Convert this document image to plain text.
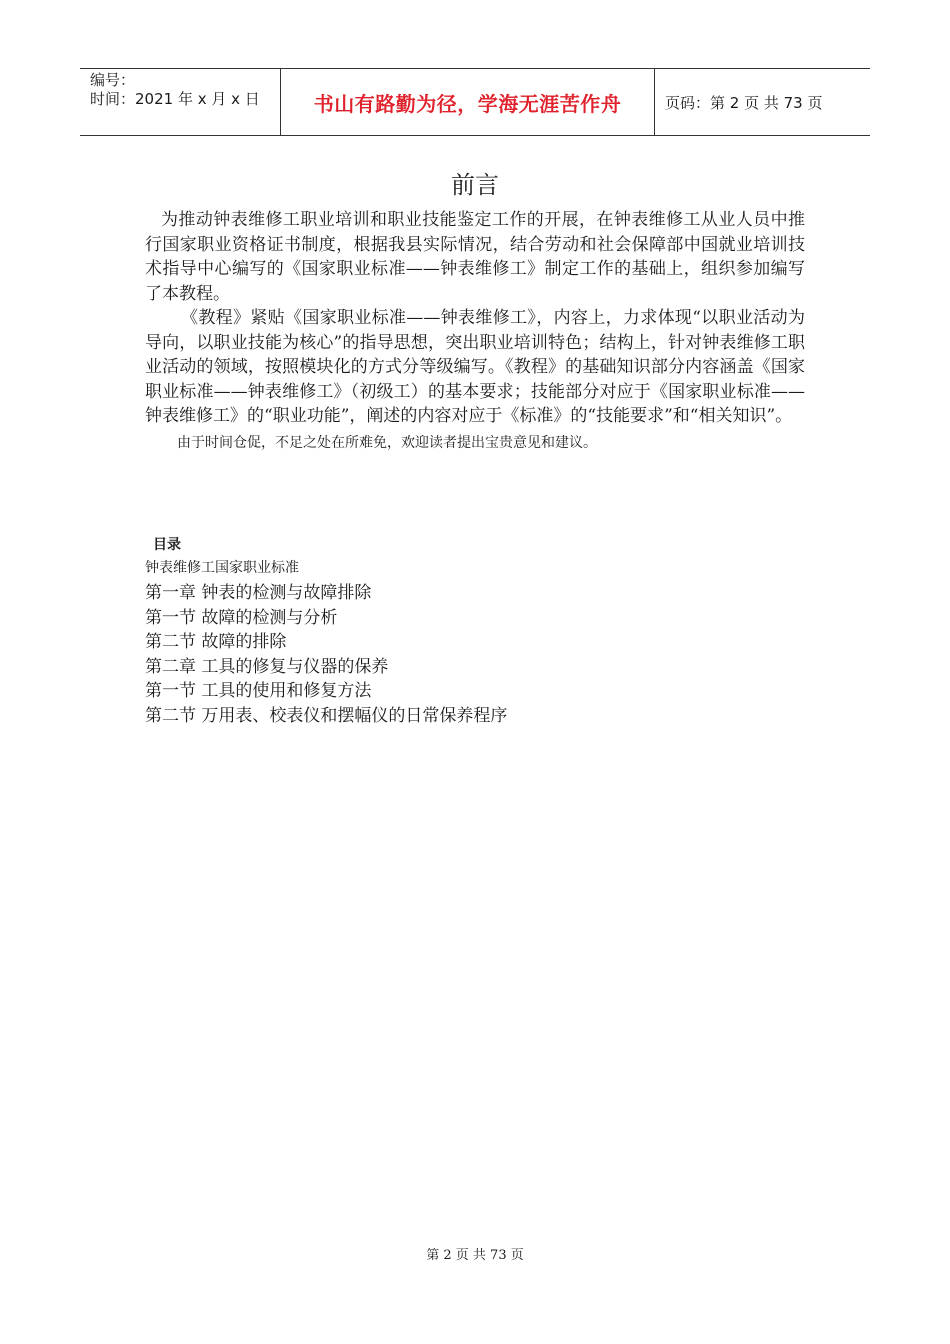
编号：
时间：2021 年 x 月 x 日	书山有路勤为径，学海无涯苦作舟	页码：第 2 页 共 73 页
前言

为推动钟表维修工职业培训和职业技能鉴定工作的开展，在钟表维修工从业人员中推行国家职业资格证书制度，根据我县实际情况，结合劳动和社会保障部中国就业培训技术指导中心编写的《国家职业标准——钟表维修工》制定工作的基础上，组织参加编写了本教程。

《教程》紧贴《国家职业标准——钟表维修工》，内容上，力求体现“以职业活动为导向，以职业技能为核心”的指导思想，突出职业培训特色；结构上，针对钟表维修工职业活动的领域，按照模块化的方式分等级编写。《教程》的基础知识部分内容涵盖《国家职业标准——钟表维修工》（初级工）的基本要求；技能部分对应于《国家职业标准——钟表维修工》的“职业功能”，阐述的内容对应于《标准》的“技能要求”和“相关知识”。

由于时间仓促，不足之处在所难免，欢迎读者提出宝贵意见和建议。

目录
钟表维修工国家职业标准
第一章 钟表的检测与故障排除
第一节 故障的检测与分析
第二节 故障的排除
第二章 工具的修复与仪器的保养
第一节 工具的使用和修复方法
第二节 万用表、校表仪和摆幅仪的日常保养程序
第 2 页 共 73 页
